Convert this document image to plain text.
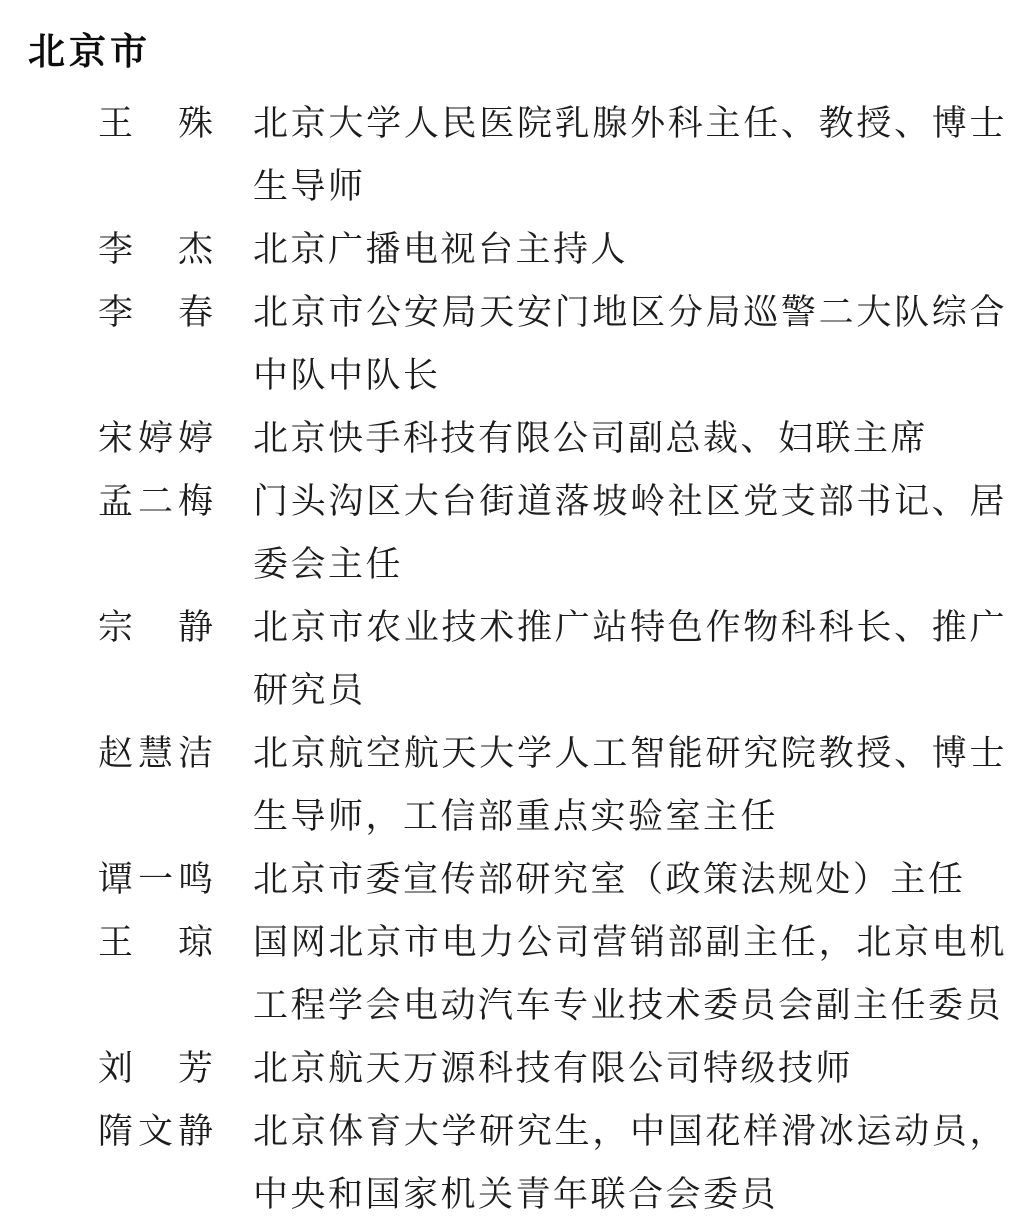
北京市
王殊 北京大学人民医院乳腺外科主任、教授、博士生导师
李杰 北京广播电视台主持人
李春 北京市公安局天安门地区分局巡警二大队综合中队中队长
宋婷婷 北京快手科技有限公司副总裁、妇联主席
孟二梅 门头沟区大台街道落坡岭社区党支部书记、居委会主任
宗静 北京市农业技术推广站特色作物科科长、推广研究员
赵慧洁 北京航空航天大学人工智能研究院教授、博士生导师，工信部重点实验室主任
谭一鸣 北京市委宣传部研究室（政策法规处）主任
王琼 国网北京市电力公司营销部副主任，北京电机工程学会电动汽车专业技术委员会副主任委员
刘芳 北京航天万源科技有限公司特级技师
隋文静 北京体育大学研究生，中国花样滑冰运动员，中央和国家机关青年联合会委员
